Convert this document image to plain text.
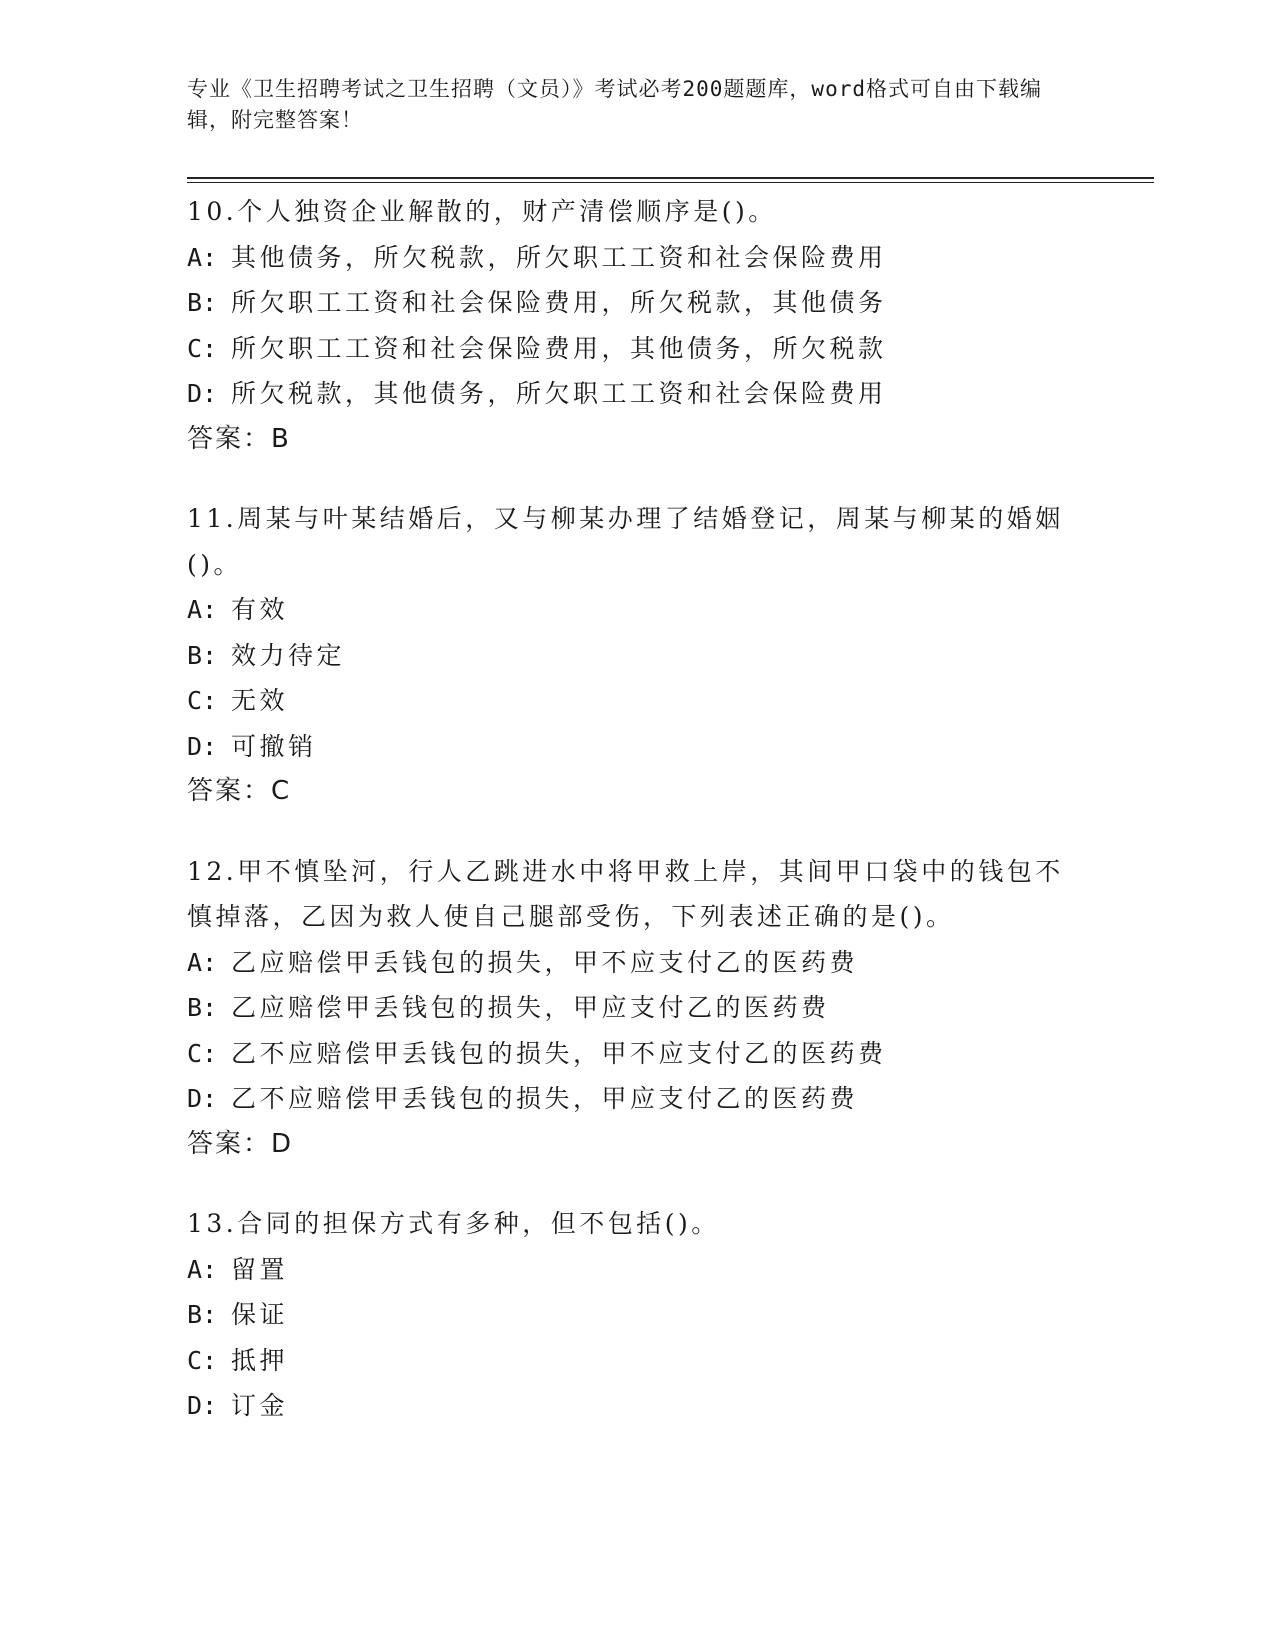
专业《卫生招聘考试之卫生招聘（文员）》考试必考200题题库，word格式可自由下载编辑，附完整答案！
10.个人独资企业解散的，财产清偿顺序是()。
A: 其他债务，所欠税款，所欠职工工资和社会保险费用
B: 所欠职工工资和社会保险费用，所欠税款，其他债务
C: 所欠职工工资和社会保险费用，其他债务，所欠税款
D: 所欠税款，其他债务，所欠职工工资和社会保险费用
答案：B
11.周某与叶某结婚后，又与柳某办理了结婚登记，周某与柳某的婚姻()。
A: 有效
B: 效力待定
C: 无效
D: 可撤销
答案：C
12.甲不慎坠河，行人乙跳进水中将甲救上岸，其间甲口袋中的钱包不慎掉落，乙因为救人使自己腿部受伤，下列表述正确的是()。
A: 乙应赔偿甲丢钱包的损失，甲不应支付乙的医药费
B: 乙应赔偿甲丢钱包的损失，甲应支付乙的医药费
C: 乙不应赔偿甲丢钱包的损失，甲不应支付乙的医药费
D: 乙不应赔偿甲丢钱包的损失，甲应支付乙的医药费
答案：D
13.合同的担保方式有多种，但不包括()。
A: 留置
B: 保证
C: 抵押
D: 订金
